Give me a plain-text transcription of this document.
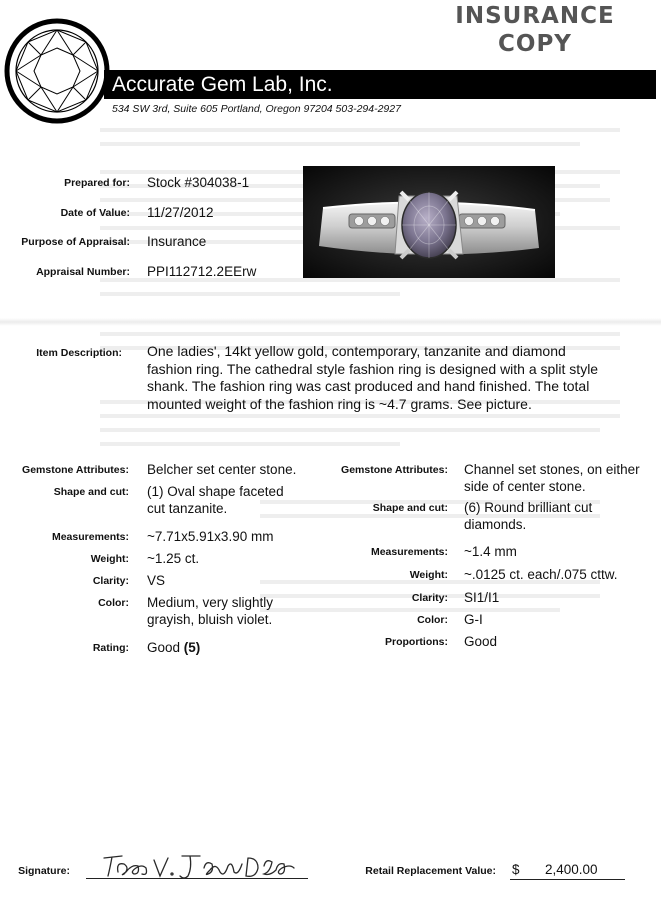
INSURANCE
COPY
Accurate Gem Lab, Inc.
534 SW 3rd, Suite 605 Portland, Oregon 97204 503-294-2927
Prepared for: Stock #304038-1
Date of Value: 11/27/2012
Purpose of Appraisal: Insurance
Appraisal Number: PPI112712.2EErw
Item Description: One ladies', 14kt yellow gold, contemporary, tanzanite and diamond
fashion ring. The cathedral style fashion ring is designed with a split style
shank. The fashion ring was cast produced and hand finished. The total
mounted weight of the fashion ring is ~4.7 grams. See picture.
Gemstone Attributes: Belcher set center stone.
Shape and cut: (1) Oval shape faceted
cut tanzanite.
Measurements: ~7.71x5.91x3.90 mm
Weight: ~1.25 ct.
Clarity: VS
Color: Medium, very slightly
grayish, bluish violet.
Rating: Good (5)
Gemstone Attributes: Channel set stones, on either
side of center stone.
Shape and cut: (6) Round brilliant cut
diamonds.
Measurements: ~1.4 mm
Weight: ~.0125 ct. each/.075 cttw.
Clarity: SI1/I1
Color: G-I
Proportions: Good
Signature:	Retail Replacement Value: $ 2,400.00
